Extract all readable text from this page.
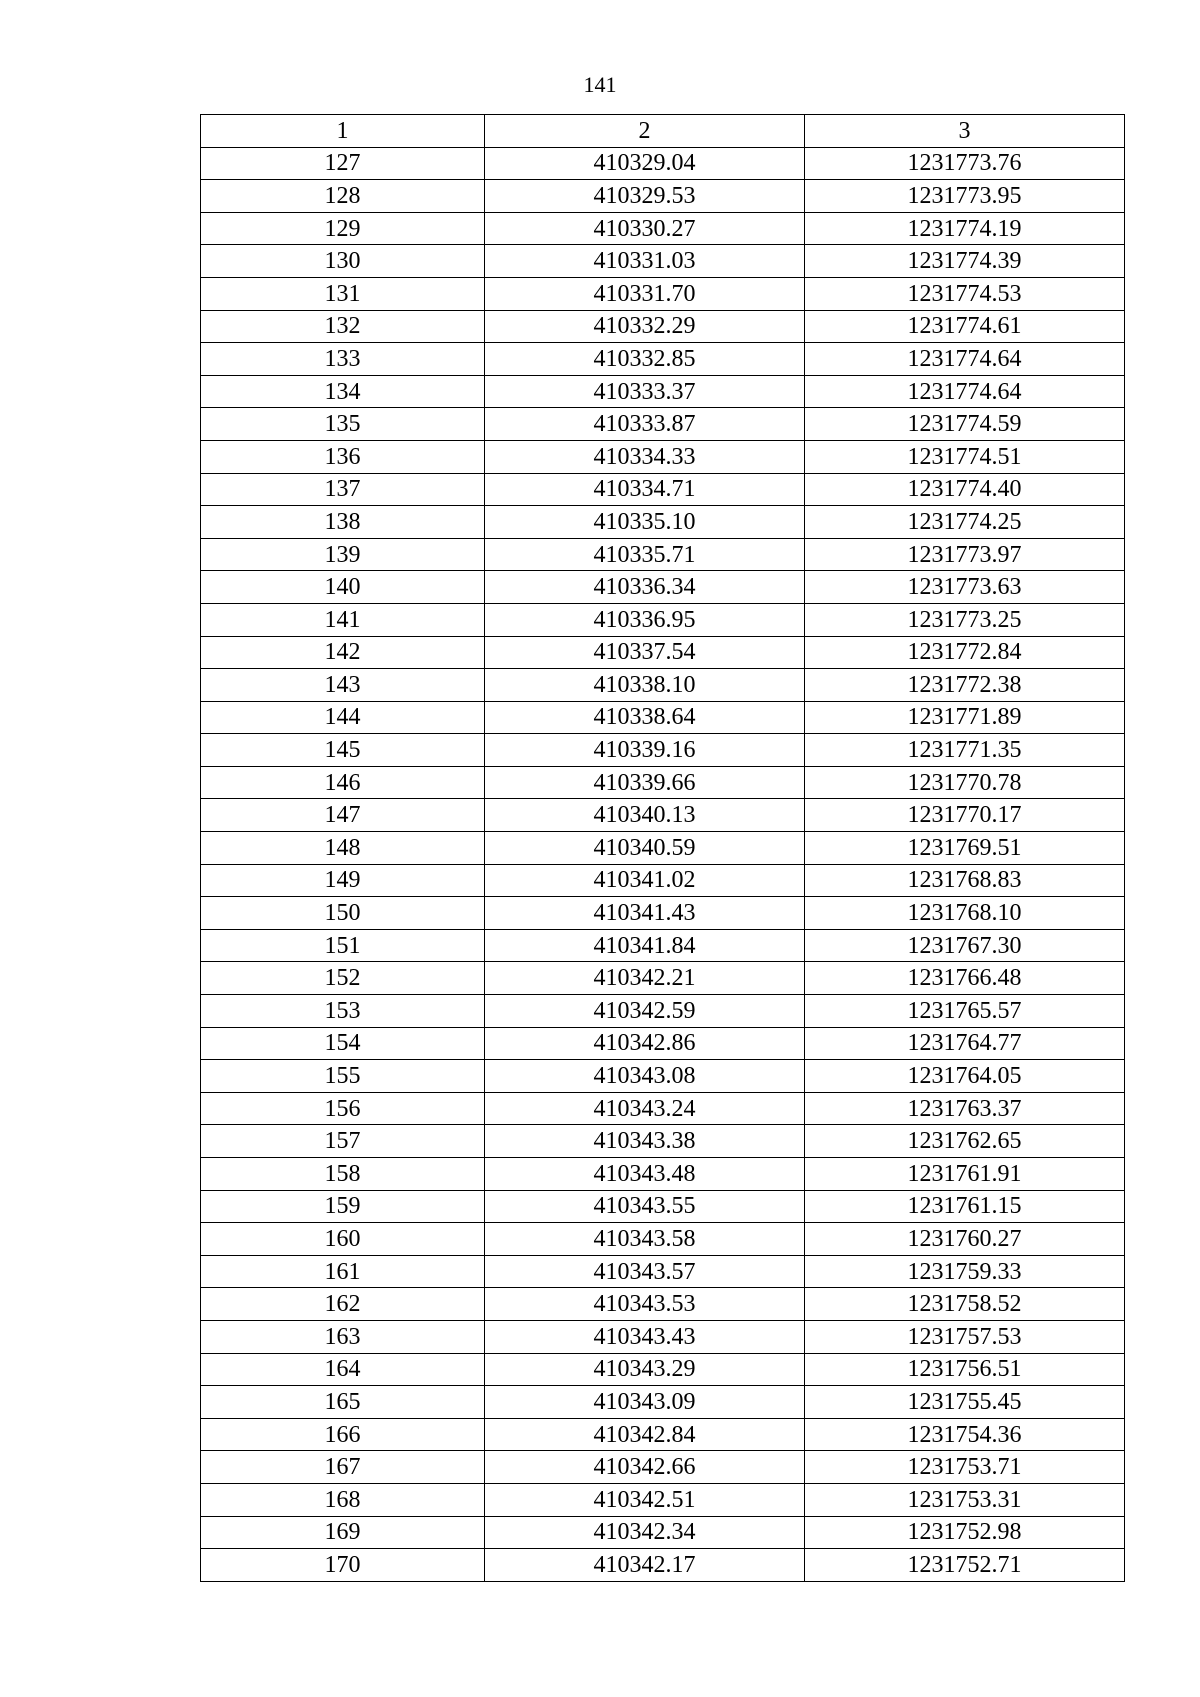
141
1	2	3
127	410329.04	1231773.76
128	410329.53	1231773.95
129	410330.27	1231774.19
130	410331.03	1231774.39
131	410331.70	1231774.53
132	410332.29	1231774.61
133	410332.85	1231774.64
134	410333.37	1231774.64
135	410333.87	1231774.59
136	410334.33	1231774.51
137	410334.71	1231774.40
138	410335.10	1231774.25
139	410335.71	1231773.97
140	410336.34	1231773.63
141	410336.95	1231773.25
142	410337.54	1231772.84
143	410338.10	1231772.38
144	410338.64	1231771.89
145	410339.16	1231771.35
146	410339.66	1231770.78
147	410340.13	1231770.17
148	410340.59	1231769.51
149	410341.02	1231768.83
150	410341.43	1231768.10
151	410341.84	1231767.30
152	410342.21	1231766.48
153	410342.59	1231765.57
154	410342.86	1231764.77
155	410343.08	1231764.05
156	410343.24	1231763.37
157	410343.38	1231762.65
158	410343.48	1231761.91
159	410343.55	1231761.15
160	410343.58	1231760.27
161	410343.57	1231759.33
162	410343.53	1231758.52
163	410343.43	1231757.53
164	410343.29	1231756.51
165	410343.09	1231755.45
166	410342.84	1231754.36
167	410342.66	1231753.71
168	410342.51	1231753.31
169	410342.34	1231752.98
170	410342.17	1231752.71
